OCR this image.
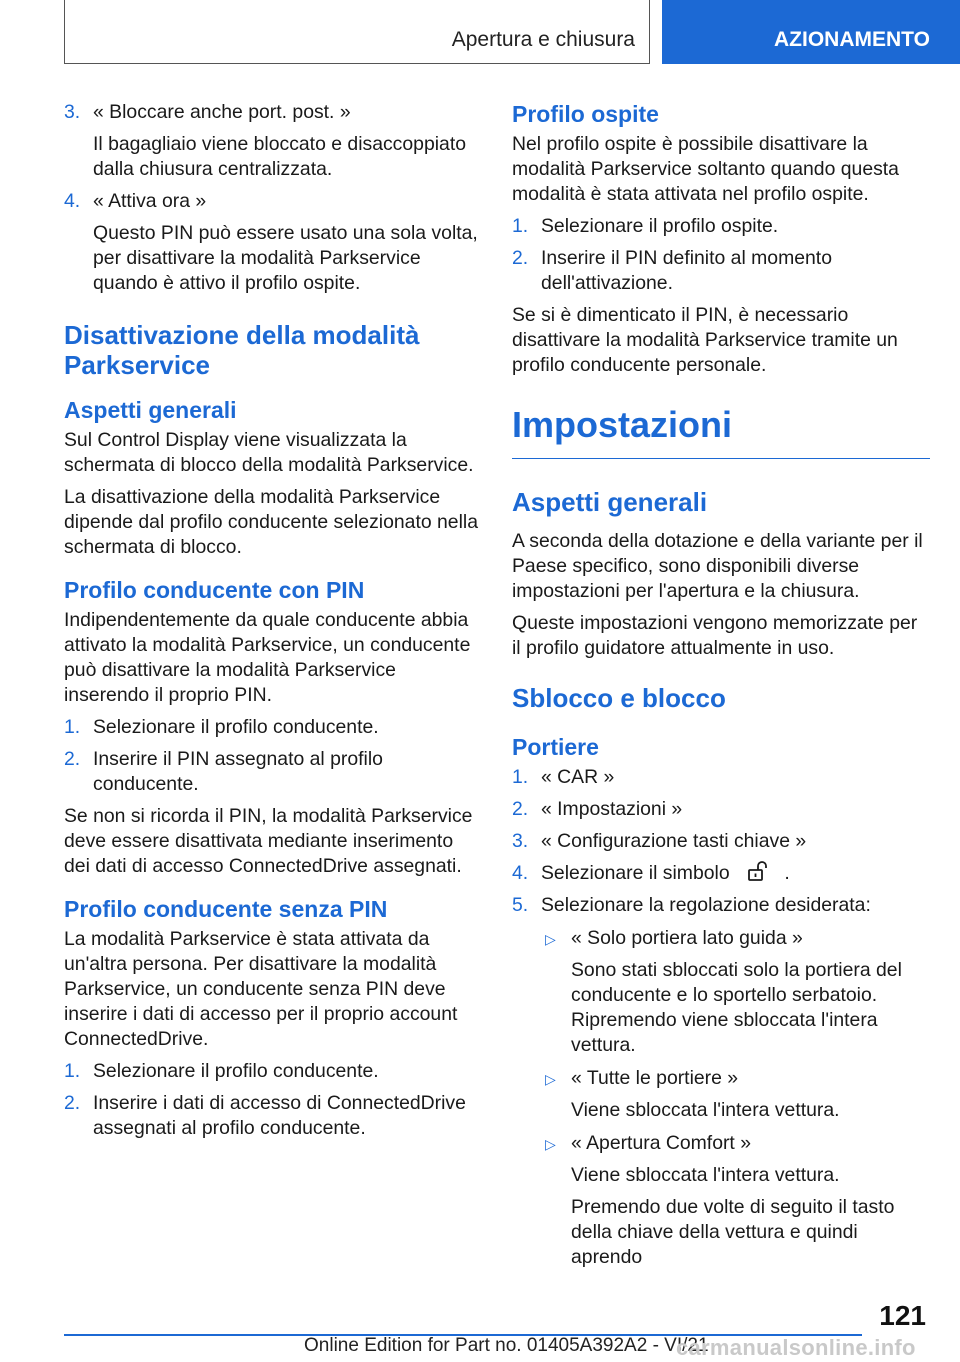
Apertura e chiusura	AZIONAMENTO
3. « Bloccare anche port. post. »
Il bagagliaio viene bloccato e disaccoppiato dalla chiusura centralizzata.
4. « Attiva ora »
Questo PIN può essere usato una sola volta, per disattivare la modalità Parkservice quando è attivo il profilo ospite.
Disattivazione della modalità Parkservice
Aspetti generali

Sul Control Display viene visualizzata la schermata di blocco della modalità Parkservice.

La disattivazione della modalità Parkservice dipende dal profilo conducente selezionato nella schermata di blocco.

Profilo conducente con PIN

Indipendentemente da quale conducente abbia attivato la modalità Parkservice, un conducente può disattivare la modalità Parkservice inserendo il proprio PIN.

1. Selezionare il profilo conducente.
2. Inserire il PIN assegnato al profilo conducente.

Se non si ricorda il PIN, la modalità Parkservice deve essere disattivata mediante inserimento dei dati di accesso ConnectedDrive assegnati.

Profilo conducente senza PIN

La modalità Parkservice è stata attivata da un'altra persona. Per disattivare la modalità Parkservice, un conducente senza PIN deve inserire i dati di accesso per il proprio account ConnectedDrive.

1. Selezionare il profilo conducente.
2. Inserire i dati di accesso di ConnectedDrive assegnati al profilo conducente.
Profilo ospite

Nel profilo ospite è possibile disattivare la modalità Parkservice soltanto quando questa modalità è stata attivata nel profilo ospite.

1. Selezionare il profilo ospite.
2. Inserire il PIN definito al momento dell'attivazione.

Se si è dimenticato il PIN, è necessario disattivare la modalità Parkservice tramite un profilo conducente personale.

Impostazioni
Aspetti generali

A seconda della dotazione e della variante per il Paese specifico, sono disponibili diverse impostazioni per l'apertura e la chiusura.

Queste impostazioni vengono memorizzate per il profilo guidatore attualmente in uso.

Sblocco e blocco
Portiere
1. « CAR »
2. « Impostazioni »
3. « Configurazione tasti chiave »
4. Selezionare il simbolo	.
5. Selezionare la regolazione desiderata:
▷ « Solo portiera lato guida »
Sono stati sbloccati solo la portiera del conducente e lo sportello serbatoio. Ripremendo viene sbloccata l'intera vettura.
▷ « Tutte le portiere »
Viene sbloccata l'intera vettura.
▷ « Apertura Comfort »
Viene sbloccata l'intera vettura.
Premendo due volte di seguito il tasto della chiave della vettura e quindi aprendo
121
Online Edition for Part no. 01405A392A2 - VI/21
carmanualsonline.info
